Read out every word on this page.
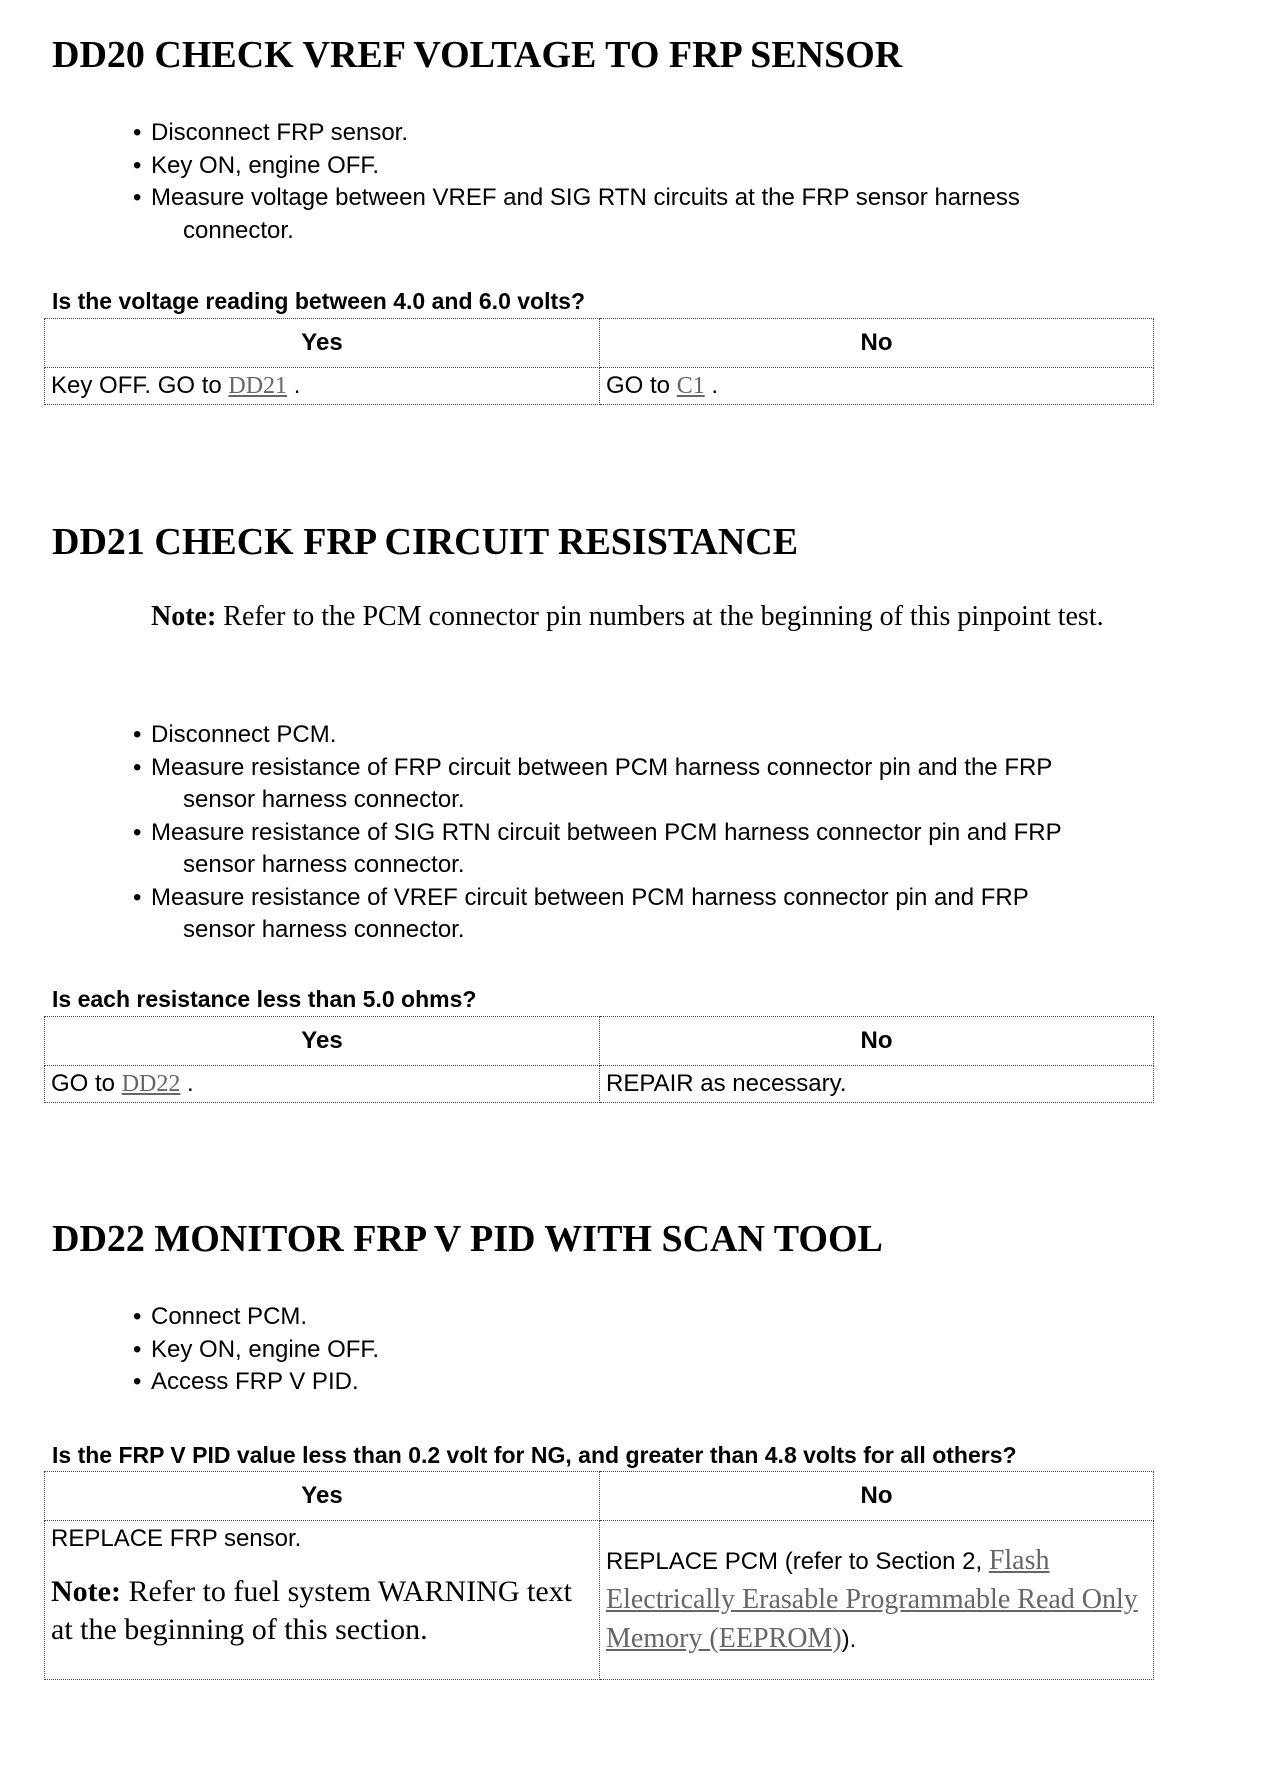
DD20 CHECK VREF VOLTAGE TO FRP SENSOR
• Disconnect FRP sensor.
• Key ON, engine OFF.
• Measure voltage between VREF and SIG RTN circuits at the FRP sensor harness
connector.

Is the voltage reading between 4.0 and 6.0 volts?

Yes	No
Key OFF. GO to DD21 .	GO to C1 .
DD21 CHECK FRP CIRCUIT RESISTANCE

Note: Refer to the PCM connector pin numbers at the beginning of this pinpoint test.

• Disconnect PCM.
• Measure resistance of FRP circuit between PCM harness connector pin and the FRP
sensor harness connector.
• Measure resistance of SIG RTN circuit between PCM harness connector pin and FRP
sensor harness connector.
• Measure resistance of VREF circuit between PCM harness connector pin and FRP
sensor harness connector.

Is each resistance less than 5.0 ohms?

Yes	No
GO to DD22 .	REPAIR as necessary.
DD22 MONITOR FRP V PID WITH SCAN TOOL
• Connect PCM.
• Key ON, engine OFF.
• Access FRP V PID.

Is the FRP V PID value less than 0.2 volt for NG, and greater than 4.8 volts for all others?

Yes	No

REPLACE FRP sensor.
Note: Refer to fuel system WARNING text at the beginning of this section.	REPLACE PCM (refer to Section 2, Flash Electrically Erasable Programmable Read Only Memory (EEPROM)).
